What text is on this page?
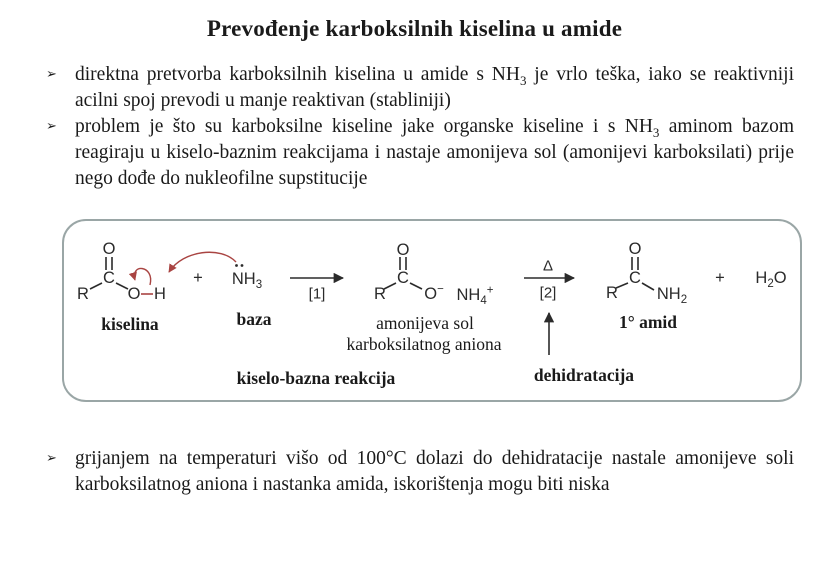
Prevođenje karboksilnih kiselina u amide
➢ direktna pretvorba karboksilnih kiselina u amide s $NH_3$ je vrlo teška, iako se reaktivniji acilni spoj prevodi u manje reaktivan (stabliniji)
➢ problem je što su karboksilne kiseline jake organske kiseline i s $NH_3$ aminom bazom reagiraju u kiselo-baznim reakcijama i nastaje amonijeva sol (amonijevi karboksilati) prije nego dođe do nukleofilne supstitucije
O
C
R O H
kiselina
+ $NH_3$
baza
[1]
O
C
R O− $NH_4^+$
amonijeva sol
karboksilatnog aniona
Δ
[2]
O
C
R $NH_2$
1° amid
+ $H_2O$
kiselo-bazna reakcija	dehidratacija
➢ grijanjem na temperaturi višo od 100°C dolazi do dehidratacije nastale amonijeve soli karboksilatnog aniona i nastanka amida, iskorištenja mogu biti niska
